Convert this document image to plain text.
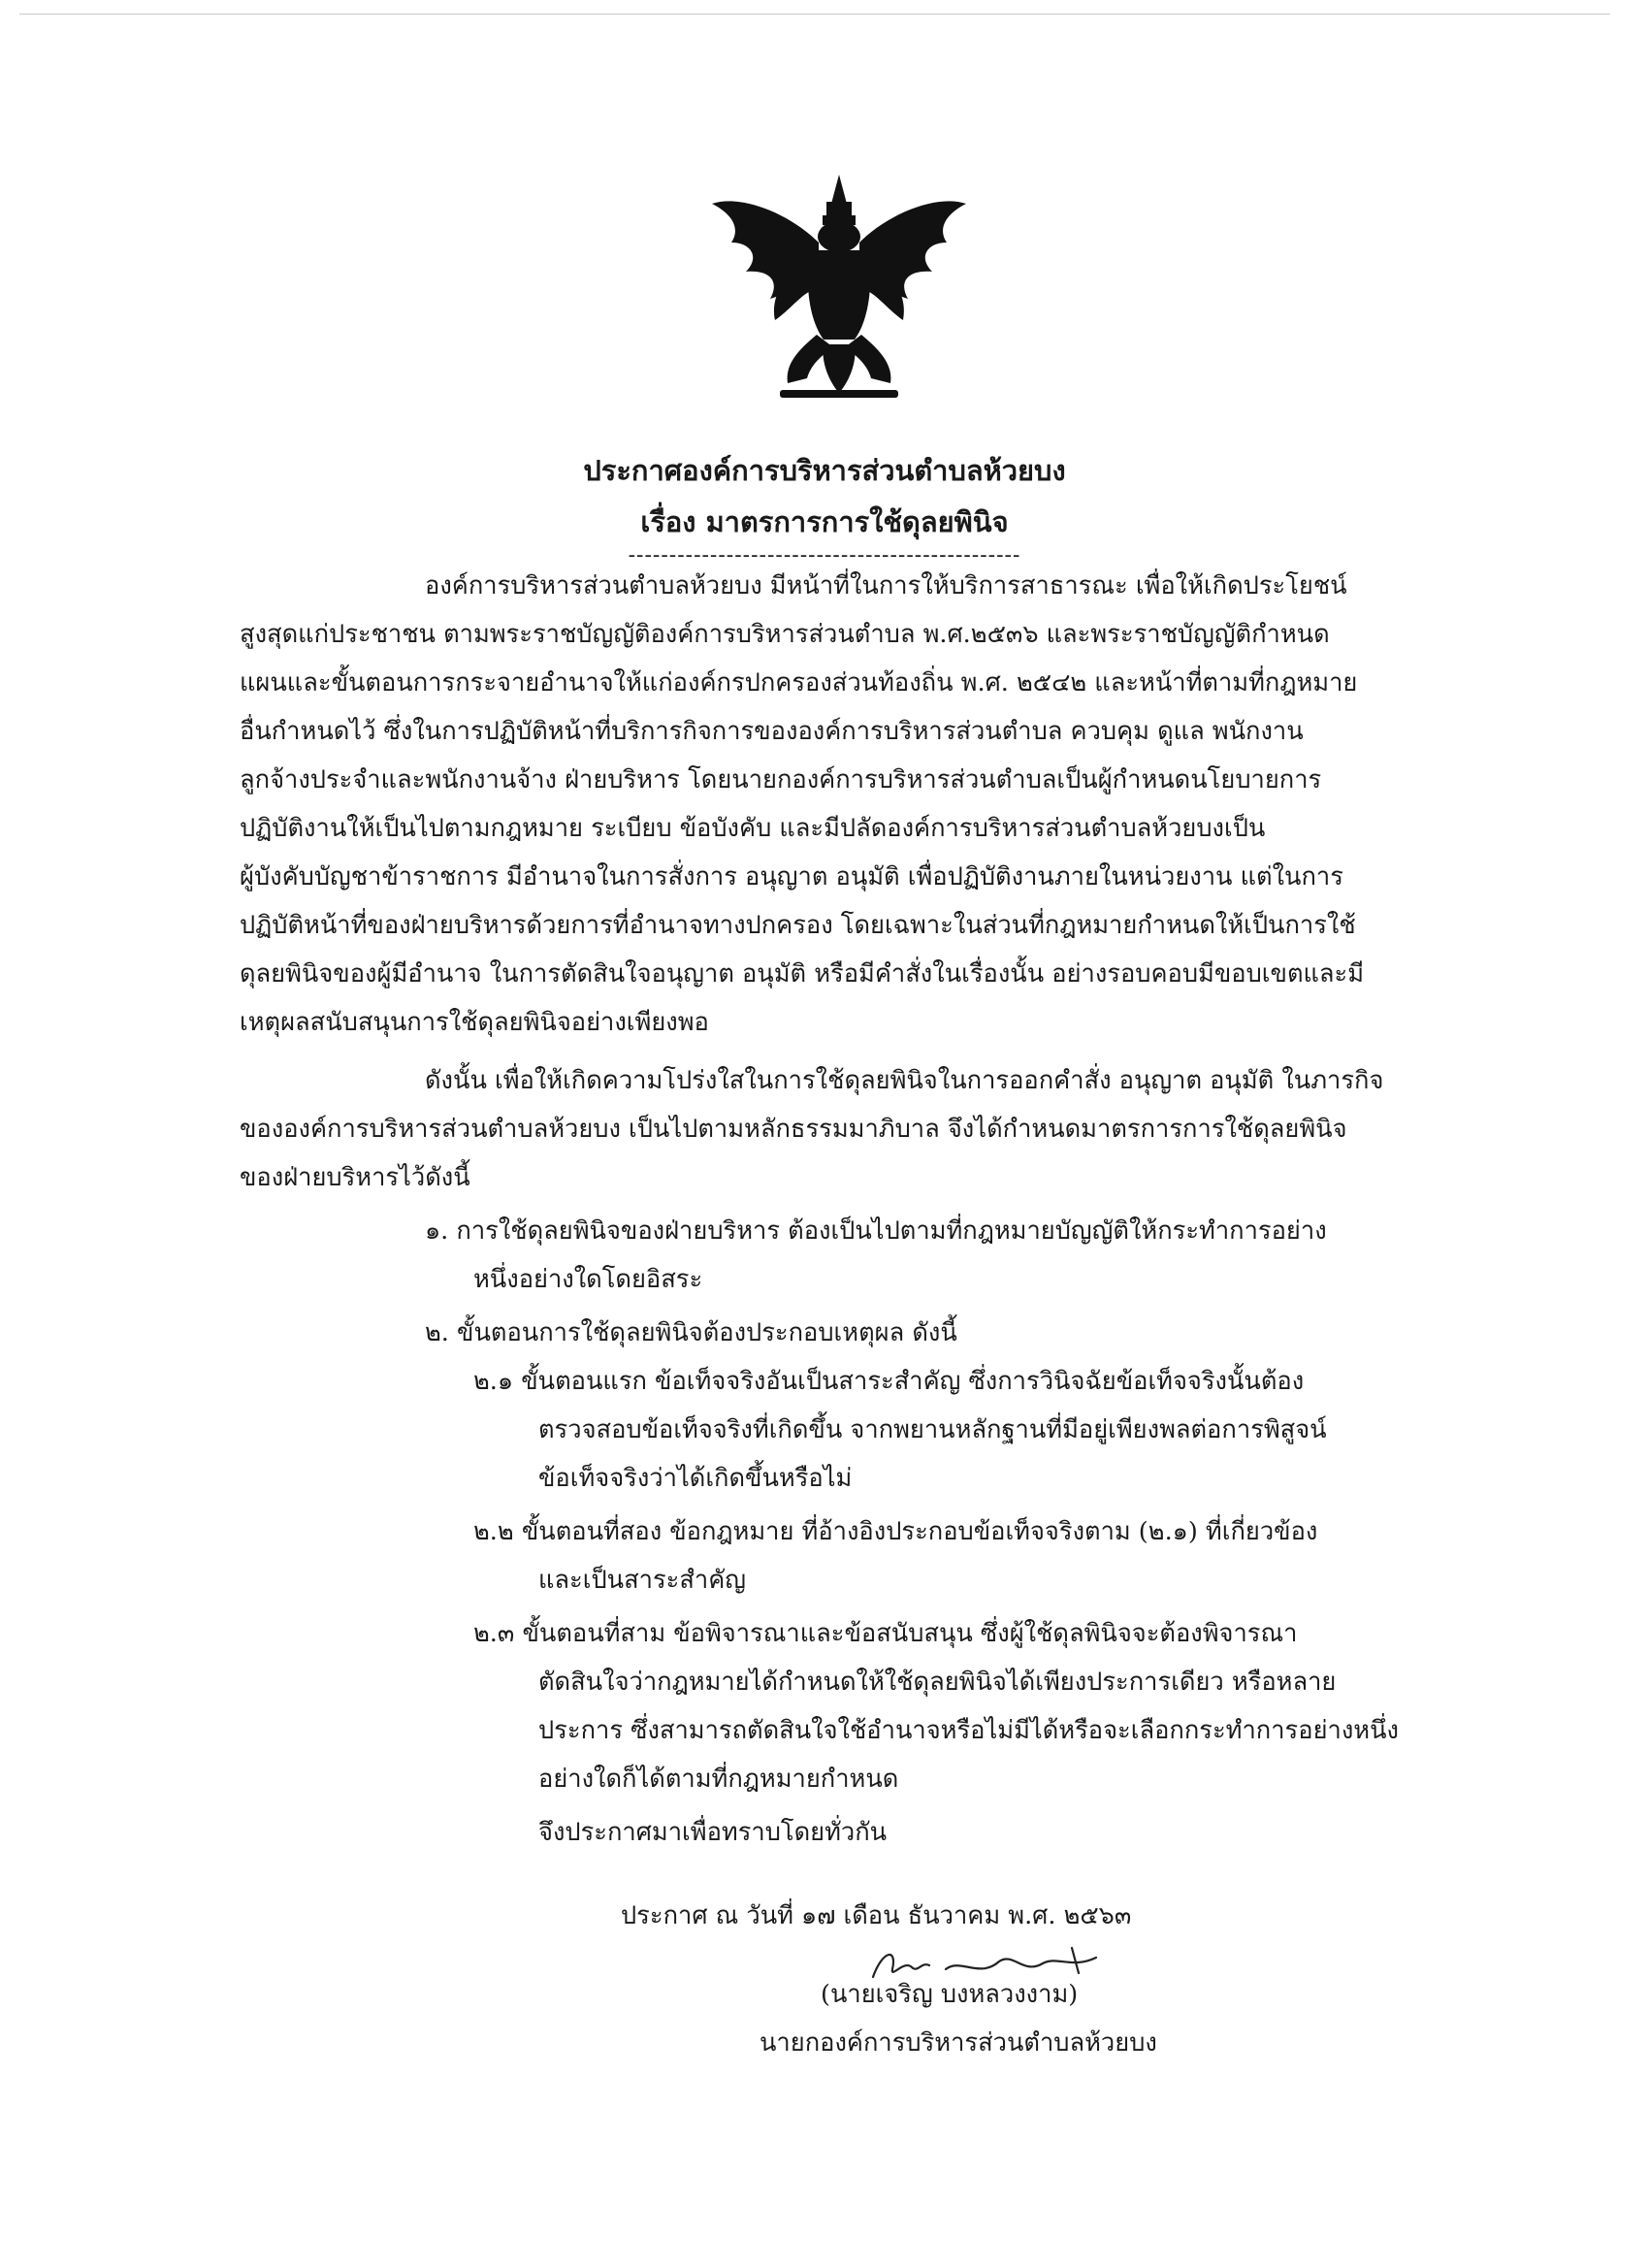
ประกาศองค์การบริหารส่วนตำบลห้วยบง
เรื่อง มาตรการการใช้ดุลยพินิจ
------------------------------------------------
องค์การบริหารส่วนตำบลห้วยบง มีหน้าที่ในการให้บริการสาธารณะ เพื่อให้เกิดประโยชน์
สูงสุดแก่ประชาชน ตามพระราชบัญญัติองค์การบริหารส่วนตำบล พ.ศ.๒๕๓๖ และพระราชบัญญัติกำหนด
แผนและขั้นตอนการกระจายอำนาจให้แก่องค์กรปกครองส่วนท้องถิ่น พ.ศ. ๒๕๔๒ และหน้าที่ตามที่กฎหมาย
อื่นกำหนดไว้ ซึ่งในการปฏิบัติหน้าที่บริการกิจการขององค์การบริหารส่วนตำบล ควบคุม ดูแล พนักงาน
ลูกจ้างประจำและพนักงานจ้าง ฝ่ายบริหาร โดยนายกองค์การบริหารส่วนตำบลเป็นผู้กำหนดนโยบายการ
ปฏิบัติงานให้เป็นไปตามกฎหมาย ระเบียบ ข้อบังคับ และมีปลัดองค์การบริหารส่วนตำบลห้วยบงเป็น
ผู้บังคับบัญชาข้าราชการ มีอำนาจในการสั่งการ อนุญาต อนุมัติ เพื่อปฏิบัติงานภายในหน่วยงาน แต่ในการ
ปฏิบัติหน้าที่ของฝ่ายบริหารด้วยการที่อำนาจทางปกครอง โดยเฉพาะในส่วนที่กฎหมายกำหนดให้เป็นการใช้
ดุลยพินิจของผู้มีอำนาจ ในการตัดสินใจอนุญาต อนุมัติ หรือมีคำสั่งในเรื่องนั้น อย่างรอบคอบมีขอบเขตและมี
เหตุผลสนับสนุนการใช้ดุลยพินิจอย่างเพียงพอ
ดังนั้น เพื่อให้เกิดความโปร่งใสในการใช้ดุลยพินิจในการออกคำสั่ง อนุญาต อนุมัติ ในภารกิจ
ขององค์การบริหารส่วนตำบลห้วยบง เป็นไปตามหลักธรรมมาภิบาล จึงได้กำหนดมาตรการการใช้ดุลยพินิจ
ของฝ่ายบริหารไว้ดังนี้
๑. การใช้ดุลยพินิจของฝ่ายบริหาร ต้องเป็นไปตามที่กฎหมายบัญญัติให้กระทำการอย่าง
หนึ่งอย่างใดโดยอิสระ
๒. ขั้นตอนการใช้ดุลยพินิจต้องประกอบเหตุผล ดังนี้
๒.๑ ขั้นตอนแรก ข้อเท็จจริงอันเป็นสาระสำคัญ ซึ่งการวินิจฉัยข้อเท็จจริงนั้นต้อง
ตรวจสอบข้อเท็จจริงที่เกิดขึ้น จากพยานหลักฐานที่มีอยู่เพียงพลต่อการพิสูจน์
ข้อเท็จจริงว่าได้เกิดขึ้นหรือไม่
๒.๒ ขั้นตอนที่สอง ข้อกฎหมาย ที่อ้างอิงประกอบข้อเท็จจริงตาม (๒.๑) ที่เกี่ยวข้อง
และเป็นสาระสำคัญ
๒.๓ ขั้นตอนที่สาม ข้อพิจารณาและข้อสนับสนุน ซึ่งผู้ใช้ดุลพินิจจะต้องพิจารณา
ตัดสินใจว่ากฎหมายได้กำหนดให้ใช้ดุลยพินิจได้เพียงประการเดียว หรือหลาย
ประการ ซึ่งสามารถตัดสินใจใช้อำนาจหรือไม่มีได้หรือจะเลือกกระทำการอย่างหนึ่ง
อย่างใดก็ได้ตามที่กฎหมายกำหนด
จึงประกาศมาเพื่อทราบโดยทั่วกัน
ประกาศ ณ วันที่ ๑๗ เดือน ธันวาคม พ.ศ. ๒๕๖๓
(นายเจริญ บงหลวงงาม)
นายกองค์การบริหารส่วนตำบลห้วยบง
